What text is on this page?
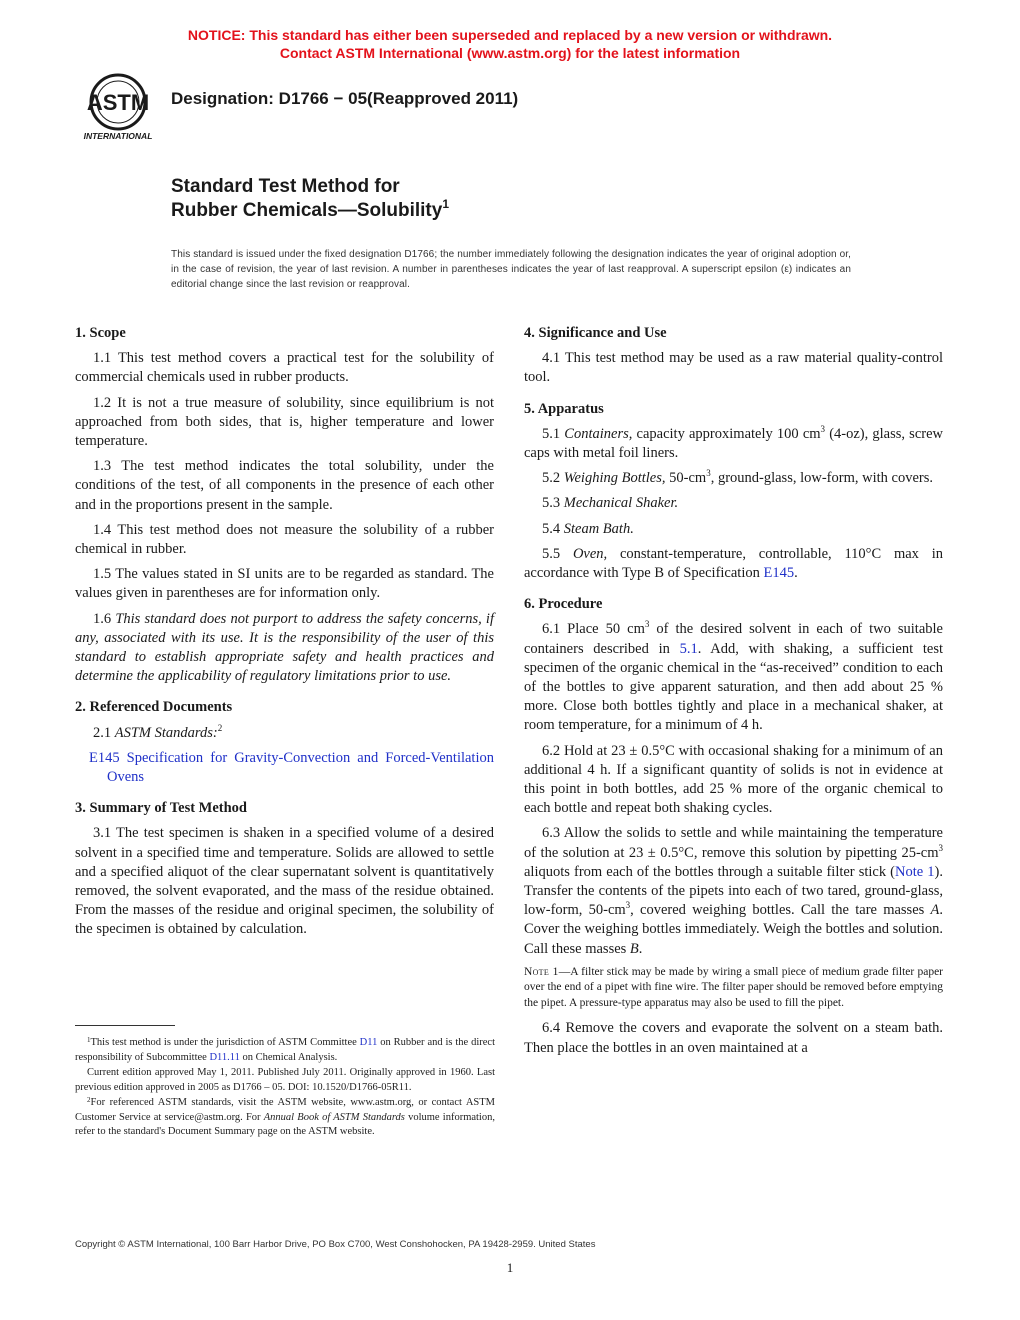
NOTICE: This standard has either been superseded and replaced by a new version or withdrawn.
Contact ASTM International (www.astm.org) for the latest information
ASTM
INTERNATIONAL
Designation: D1766 − 05(Reapproved 2011)
Standard Test Method for
Rubber Chemicals—Solubility$^1$
This standard is issued under the fixed designation D1766; the number immediately following the designation indicates the year of original adoption or, in the case of revision, the year of last revision. A number in parentheses indicates the year of last reapproval. A superscript epsilon (ε) indicates an editorial change since the last revision or reapproval.
1. Scope

1.1 This test method covers a practical test for the solubility of commercial chemicals used in rubber products.

1.2 It is not a true measure of solubility, since equilibrium is not approached from both sides, that is, higher temperature and lower temperature.

1.3 The test method indicates the total solubility, under the conditions of the test, of all components in the presence of each other and in the proportions present in the sample.

1.4 This test method does not measure the solubility of a rubber chemical in rubber.

1.5 The values stated in SI units are to be regarded as standard. The values given in parentheses are for information only.

1.6 This standard does not purport to address the safety concerns, if any, associated with its use. It is the responsibility of the user of this standard to establish appropriate safety and health practices and determine the applicability of regulatory limitations prior to use.

2. Referenced Documents

2.1 ASTM Standards:$^2$

E145 Specification for Gravity-Convection and Forced-Ventilation Ovens

3. Summary of Test Method

3.1 The test specimen is shaken in a specified volume of a desired solvent in a specified time and temperature. Solids are allowed to settle and a specified aliquot of the clear supernatant solvent is quantitatively removed, the solvent evaporated, and the mass of the residue obtained. From the masses of the residue and original specimen, the solubility of the specimen is obtained by calculation.

$^1$This test method is under the jurisdiction of ASTM Committee D11 on Rubber and is the direct responsibility of Subcommittee D11.11 on Chemical Analysis.

Current edition approved May 1, 2011. Published July 2011. Originally approved in 1960. Last previous edition approved in 2005 as D1766 – 05. DOI: 10.1520/D1766-05R11.

$^2$For referenced ASTM standards, visit the ASTM website, www.astm.org, or contact ASTM Customer Service at service@astm.org. For Annual Book of ASTM Standards volume information, refer to the standard's Document Summary page on the ASTM website.

4. Significance and Use

4.1 This test method may be used as a raw material quality-control tool.

5. Apparatus

5.1 Containers, capacity approximately 100 $cm^3$ (4-oz), glass, screw caps with metal foil liners.

5.2 Weighing Bottles, $50-cm^3$, ground-glass, low-form, with covers.

5.3 Mechanical Shaker.

5.4 Steam Bath.

5.5 Oven, constant-temperature, controllable, 110°C max in accordance with Type B of Specification E145.

6. Procedure

6.1 Place 50 $cm^3$ of the desired solvent in each of two suitable containers described in 5.1. Add, with shaking, a sufficient test specimen of the organic chemical in the “as-received” condition to each of the bottles to give apparent saturation, and then add about 25 % more. Close both bottles tightly and place in a mechanical shaker, at room temperature, for a minimum of 4 h.

6.2 Hold at 23 ± 0.5°C with occasional shaking for a minimum of an additional 4 h. If a significant quantity of solids is not in evidence at this point in both bottles, add 25 % more of the organic chemical to each bottle and repeat both shaking cycles.

6.3 Allow the solids to settle and while maintaining the temperature of the solution at 23 ± 0.5°C, remove this solution by pipetting $25-cm^3$ aliquots from each of the bottles through a suitable filter stick (Note 1). Transfer the contents of the pipets into each of two tared, ground-glass, low-form, $50-cm^3$, covered weighing bottles. Call the tare masses A. Cover the weighing bottles immediately. Weigh the bottles and solution. Call these masses B.

Note 1—A filter stick may be made by wiring a small piece of medium grade filter paper over the end of a pipet with fine wire. The filter paper should be removed before emptying the pipet. A pressure-type apparatus may also be used to fill the pipet.

6.4 Remove the covers and evaporate the solvent on a steam bath. Then place the bottles in an oven maintained at a

Copyright © ASTM International, 100 Barr Harbor Drive, PO Box C700, West Conshohocken, PA 19428-2959. United States
1
